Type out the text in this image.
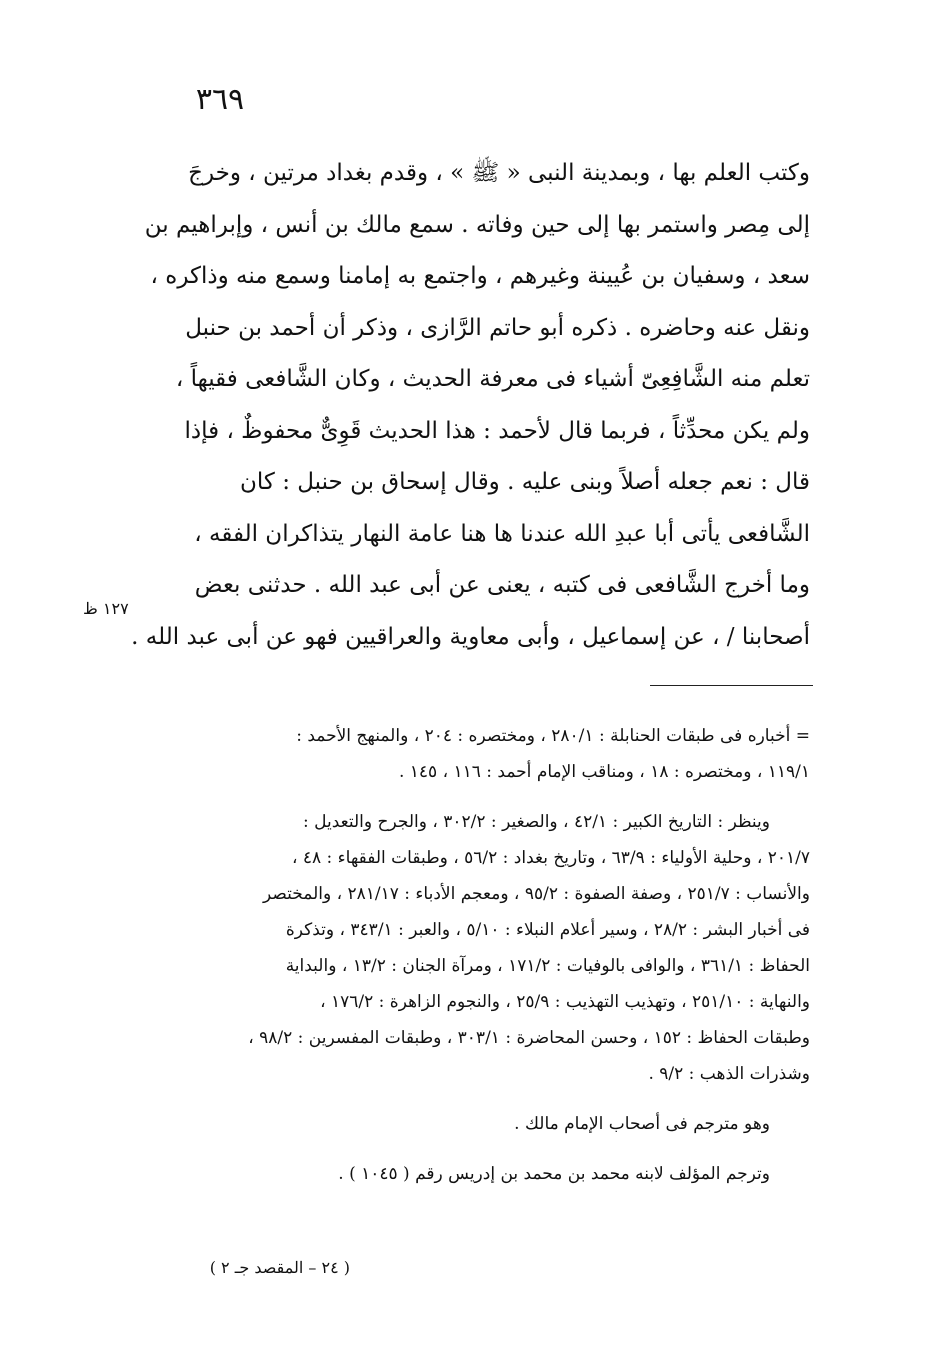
٣٦٩
وكتب العلم بها ، وبمدينة النبى « ﷺ » ، وقدم بغداد مرتين ، وخرجَ
إلى مِصر واستمر بها إلى حين وفاته . سمع مالك بن أنس ، وإبراهيم بن
سعد ، وسفيان بن عُيينة وغيرهم ، واجتمع به إمامنا وسمع منه وذاكره ،
ونقل عنه وحاضره . ذكره أبو حاتم الرَّازى ، وذكر أن أحمد بن حنبل
تعلم منه الشَّافِعِىّ أشياء فى معرفة الحديث ، وكان الشَّافعى فقيهاً ،
ولم يكن محدِّثاً ، فربما قال لأحمد : هذا الحديث قَوِىٌّ محفوظٌ ، فإذا
قال : نعم جعله أصلاً وبنى عليه . وقال إسحاق بن حنبل : كان
الشَّافعى يأتى أبا عبدِ الله عندنا ها هنا عامة النهار يتذاكران الفقه ،
وما أخرج الشَّافعى فى كتبه ، يعنى عن أبى عبد الله . حدثنى بعض
أصحابنا / ، عن إسماعيل ، وأبى معاوية والعراقيين فهو عن أبى عبد الله .
١٢٧ ظ
= أخباره فى طبقات الحنابلة : ٢٨٠/١ ، ومختصره : ٢٠٤ ، والمنهج الأحمد :
١١٩/١ ، ومختصره : ١٨ ، ومناقب الإمام أحمد : ١١٦ ، ١٤٥ .
وينظر : التاريخ الكبير : ٤٢/١ ، والصغير : ٣٠٢/٢ ، والجرح والتعديل :
٢٠١/٧ ، وحلية الأولياء : ٦٣/٩ ، وتاريخ بغداد : ٥٦/٢ ، وطبقات الفقهاء : ٤٨ ،
والأنساب : ٢٥١/٧ ، وصفة الصفوة : ٩٥/٢ ، ومعجم الأدباء : ٢٨١/١٧ ، والمختصر
فى أخبار البشر : ٢٨/٢ ، وسير أعلام النبلاء : ٥/١٠ ، والعبر : ٣٤٣/١ ، وتذكرة
الحفاظ : ٣٦١/١ ، والوافى بالوفيات : ١٧١/٢ ، ومرآة الجنان : ١٣/٢ ، والبداية
والنهاية : ٢٥١/١٠ ، وتهذيب التهذيب : ٢٥/٩ ، والنجوم الزاهرة : ١٧٦/٢ ،
وطبقات الحفاظ : ١٥٢ ، وحسن المحاضرة : ٣٠٣/١ ، وطبقات المفسرين : ٩٨/٢ ،
وشذرات الذهب : ٩/٢ .
وهو مترجم فى أصحاب الإمام مالك .
وترجم المؤلف لابنه محمد بن محمد بن إدريس رقم ( ١٠٤٥ ) .
( ٢٤ – المقصد جـ ٢ )
